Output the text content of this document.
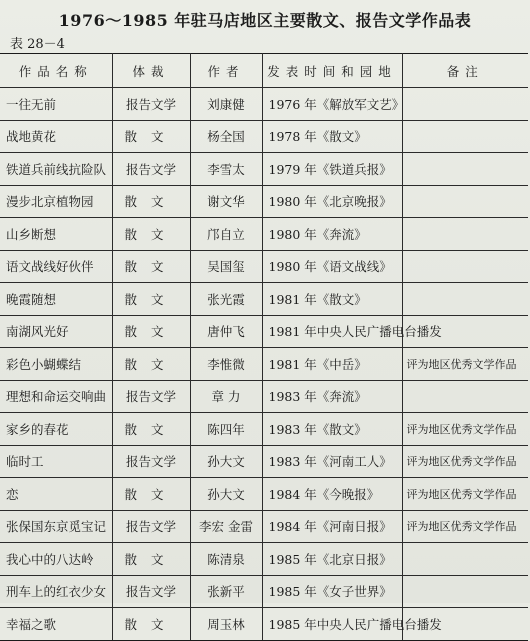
1976～1985 年驻马店地区主要散文、报告文学作品表
表 28－4
作品名称	体裁	作者	发表时间和园地	备注
一往无前	报告文学	刘康健	1976 年《解放军文艺》	
战地黄花	散文	杨全国	1978 年《散文》	
铁道兵前线抗险队	报告文学	李雪太	1979 年《铁道兵报》	
漫步北京植物园	散文	谢文华	1980 年《北京晚报》	
山乡断想	散文	邝自立	1980 年《奔流》	
语文战线好伙伴	散文	吴国玺	1980 年《语文战线》	
晚霞随想	散文	张光霞	1981 年《散文》	
南湖风光好	散文	唐仲飞	1981 年中央人民广播电台播发	
彩色小蝴蝶结	散文	李惟微	1981 年《中岳》	评为地区优秀文学作品
理想和命运交响曲	报告文学	章 力	1983 年《奔流》	
家乡的春花	散文	陈四年	1983 年《散文》	评为地区优秀文学作品
临时工	报告文学	孙大文	1983 年《河南工人》	评为地区优秀文学作品
恋	散文	孙大文	1984 年《今晚报》	评为地区优秀文学作品
张保国东京觅宝记	报告文学	李宏 金雷	1984 年《河南日报》	评为地区优秀文学作品
我心中的八达岭	散文	陈清泉	1985 年《北京日报》	
刑车上的红衣少女	报告文学	张新平	1985 年《女子世界》	
幸福之歌	散文	周玉林	1985 年中央人民广播电台播发	
